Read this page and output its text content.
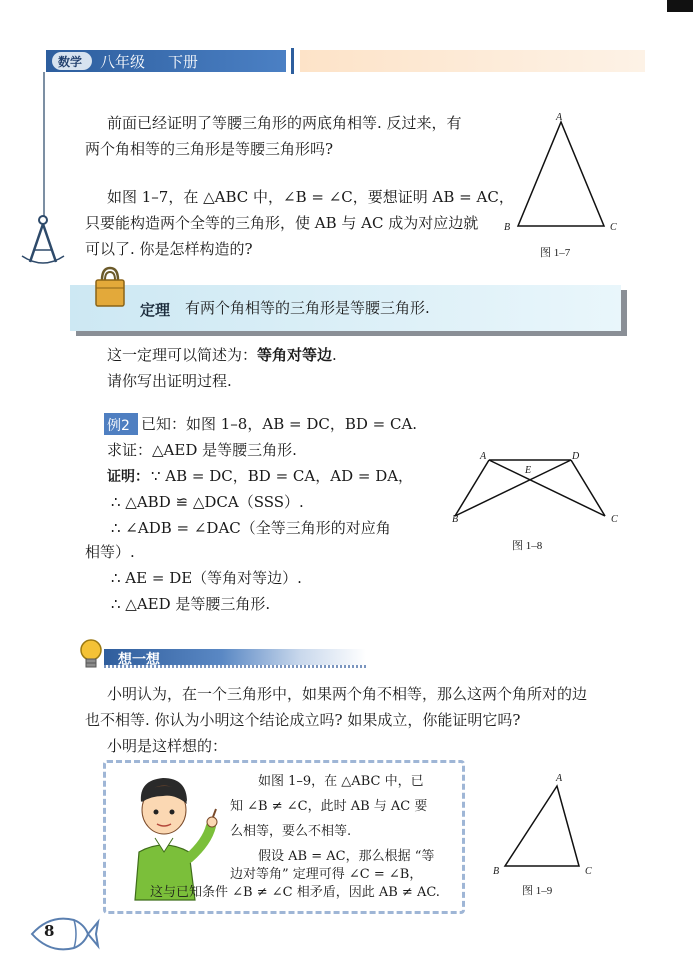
数学 八年级 下册
前面已经证明了等腰三角形的两底角相等. 反过来，有
两个角相等的三角形是等腰三角形吗?
如图 1–7，在 △ABC 中，∠B = ∠C，要想证明 AB = AC，
只要能构造两个全等的三角形，使 AB 与 AC 成为对应边就
可以了. 你是怎样构造的?
A
B	C
图 1–7
定理 有两个角相等的三角形是等腰三角形.
这一定理可以简述为：等角对等边.
请你写出证明过程.
例2 已知：如图 1–8，AB = DC，BD = CA.
求证：△AED 是等腰三角形.
证明： ∵ AB = DC，BD = CA，AD = DA，
∴ △ABD ≌ △DCA（SSS）.
∴ ∠ADB = ∠DAC（全等三角形的对应角
相等）.
∴ AE = DE（等角对等边）.
∴ △AED 是等腰三角形.
A	D
E
B	C
图 1–8
想一想
小明认为，在一个三角形中，如果两个角不相等，那么这两个角所对的边
也不相等. 你认为小明这个结论成立吗? 如果成立，你能证明它吗?
小明是这样想的：
如图 1–9，在 △ABC 中，已
知 ∠B ≠ ∠C，此时 AB 与 AC 要
么相等，要么不相等.
假设 AB = AC，那么根据 “等
边对等角” 定理可得 ∠C = ∠B，
这与已知条件 ∠B ≠ ∠C 相矛盾，因此 AB ≠ AC.
A
B	C
图 1–9
8
